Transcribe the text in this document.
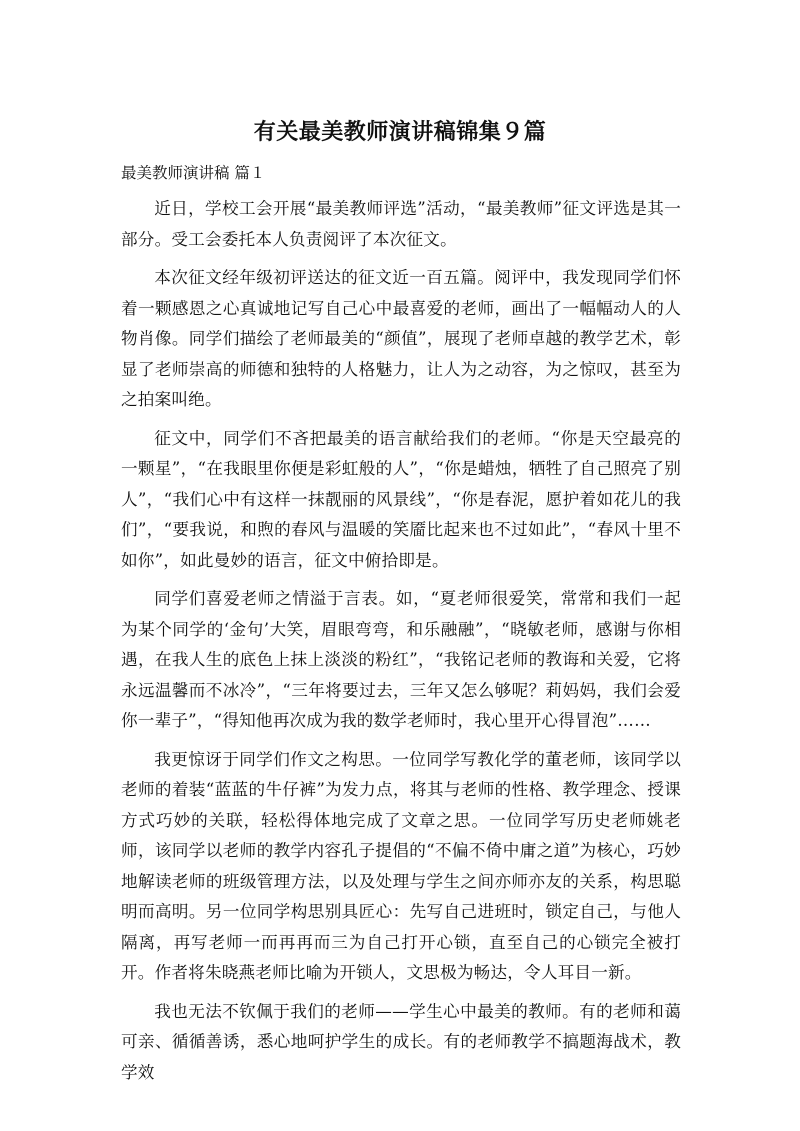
有关最美教师演讲稿锦集９篇
最美教师演讲稿 篇１

近日，学校工会开展“最美教师评选”活动，“最美教师”征文评选是其一部分。受工会委托本人负责阅评了本次征文。

本次征文经年级初评送达的征文近一百五篇。阅评中，我发现同学们怀着一颗感恩之心真诚地记写自己心中最喜爱的老师，画出了一幅幅动人的人物肖像。同学们描绘了老师最美的“颜值”，展现了老师卓越的教学艺术，彰显了老师崇高的师德和独特的人格魅力，让人为之动容，为之惊叹，甚至为之拍案叫绝。

征文中，同学们不吝把最美的语言献给我们的老师。“你是天空最亮的一颗星”，“在我眼里你便是彩虹般的人”，“你是蜡烛，牺牲了自己照亮了别人”，“我们心中有这样一抹靓丽的风景线”，“你是春泥，愿护着如花儿的我们”，“要我说，和煦的春风与温暖的笑靥比起来也不过如此”，“春风十里不如你”，如此曼妙的语言，征文中俯拾即是。

同学们喜爱老师之情溢于言表。如，“夏老师很爱笑，常常和我们一起为某个同学的‘金句’大笑，眉眼弯弯，和乐融融”，“晓敏老师，感谢与你相遇，在我人生的底色上抹上淡淡的粉红”，“我铭记老师的教诲和关爱，它将永远温馨而不冰冷”，“三年将要过去，三年又怎么够呢？莉妈妈，我们会爱你一辈子”，“得知他再次成为我的数学老师时，我心里开心得冒泡”……

我更惊讶于同学们作文之构思。一位同学写教化学的董老师，该同学以老师的着装“蓝蓝的牛仔裤”为发力点，将其与老师的性格、教学理念、授课方式巧妙的关联，轻松得体地完成了文章之思。一位同学写历史老师姚老师，该同学以老师的教学内容孔子提倡的“不偏不倚中庸之道”为核心，巧妙地解读老师的班级管理方法，以及处理与学生之间亦师亦友的关系，构思聪明而高明。另一位同学构思别具匠心：先写自己进班时，锁定自己，与他人隔离，再写老师一而再再而三为自己打开心锁，直至自己的心锁完全被打开。作者将朱晓燕老师比喻为开锁人，文思极为畅达，令人耳目一新。

我也无法不钦佩于我们的老师——学生心中最美的教师。有的老师和蔼可亲、循循善诱，悉心地呵护学生的成长。有的老师教学不搞题海战术，教学效
